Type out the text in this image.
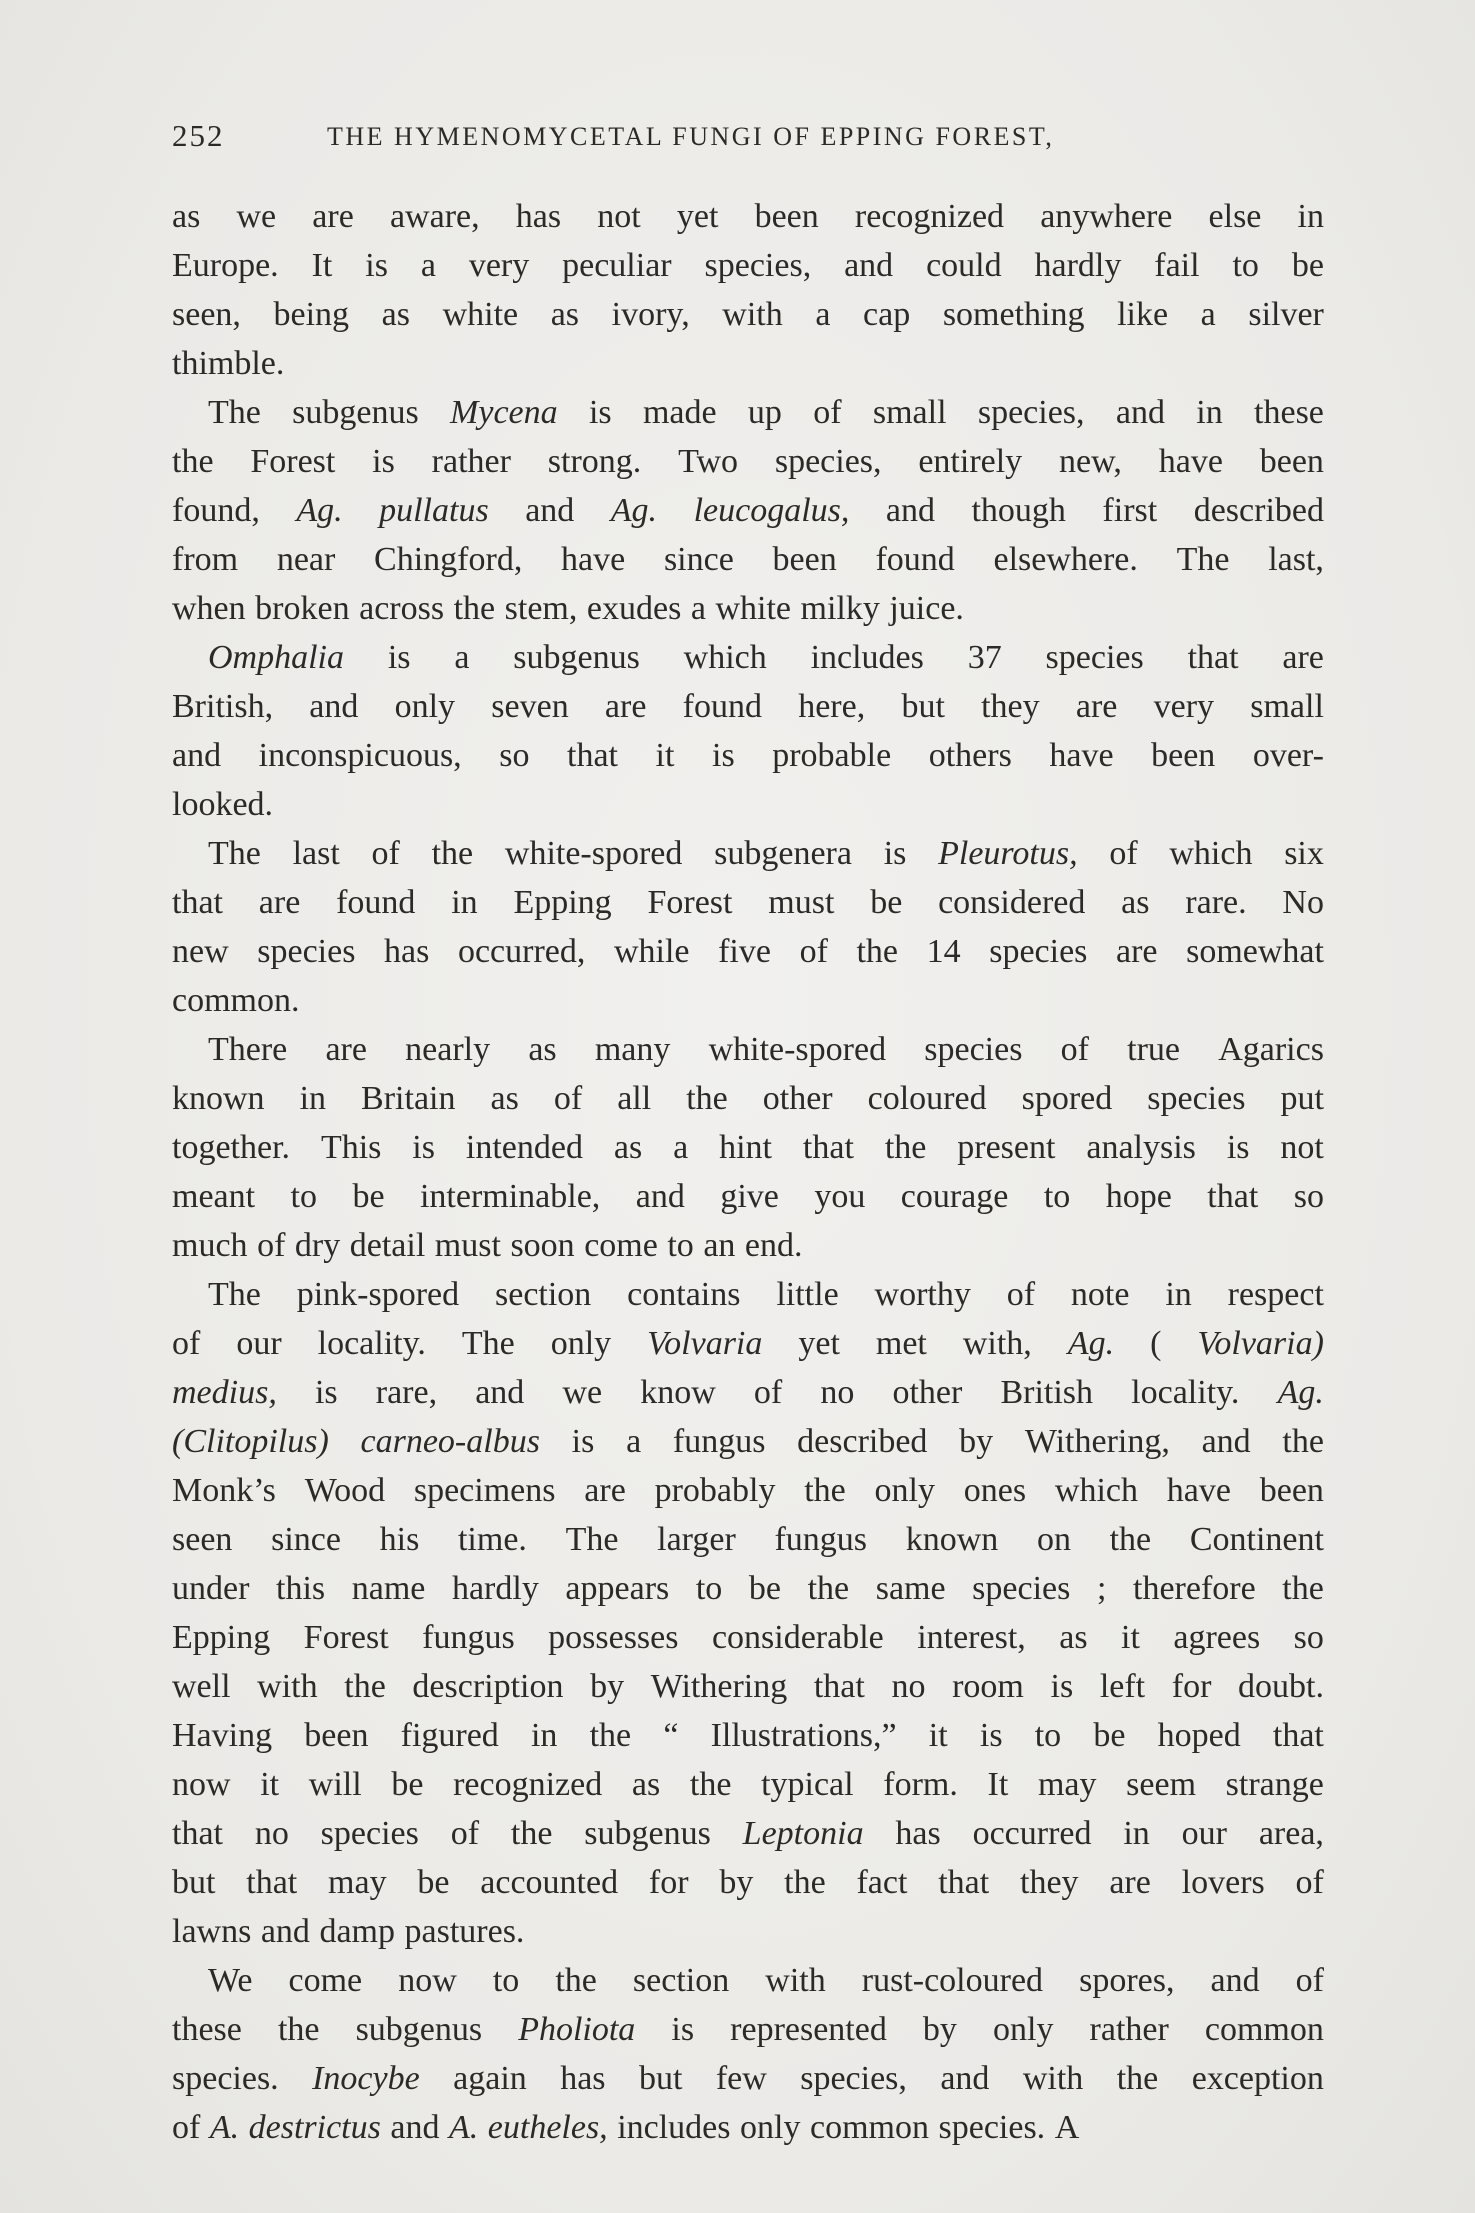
252	THE HYMENOMYCETAL FUNGI OF EPPING FOREST,
as we are aware, has not yet been recognized anywhere else in
Europe. It is a very peculiar species, and could hardly fail to be
seen, being as white as ivory, with a cap something like a silver
thimble.
The subgenus Mycena is made up of small species, and in these
the Forest is rather strong. Two species, entirely new, have been
found, Ag. pullatus and Ag. leucogalus, and though first described
from near Chingford, have since been found elsewhere. The last,
when broken across the stem, exudes a white milky juice.
Omphalia is a subgenus which includes 37 species that are
British, and only seven are found here, but they are very small
and inconspicuous, so that it is probable others have been over-
looked.
The last of the white-spored subgenera is Pleurotus, of which six
that are found in Epping Forest must be considered as rare. No
new species has occurred, while five of the 14 species are somewhat
common.
There are nearly as many white-spored species of true Agarics
known in Britain as of all the other coloured spored species put
together. This is intended as a hint that the present analysis is not
meant to be interminable, and give you courage to hope that so
much of dry detail must soon come to an end.
The pink-spored section contains little worthy of note in respect
of our locality. The only Volvaria yet met with, Ag. ( Volvaria)
medius, is rare, and we know of no other British locality. Ag.
(Clitopilus) carneo-albus is a fungus described by Withering, and the
Monk’s Wood specimens are probably the only ones which have been
seen since his time. The larger fungus known on the Continent
under this name hardly appears to be the same species ; therefore the
Epping Forest fungus possesses considerable interest, as it agrees so
well with the description by Withering that no room is left for doubt.
Having been figured in the “ Illustrations,” it is to be hoped that
now it will be recognized as the typical form. It may seem strange
that no species of the subgenus Leptonia has occurred in our area,
but that may be accounted for by the fact that they are lovers of
lawns and damp pastures.
We come now to the section with rust-coloured spores, and of
these the subgenus Pholiota is represented by only rather common
species. Inocybe again has but few species, and with the exception
of A. destrictus and A. eutheles, includes only common species. A
